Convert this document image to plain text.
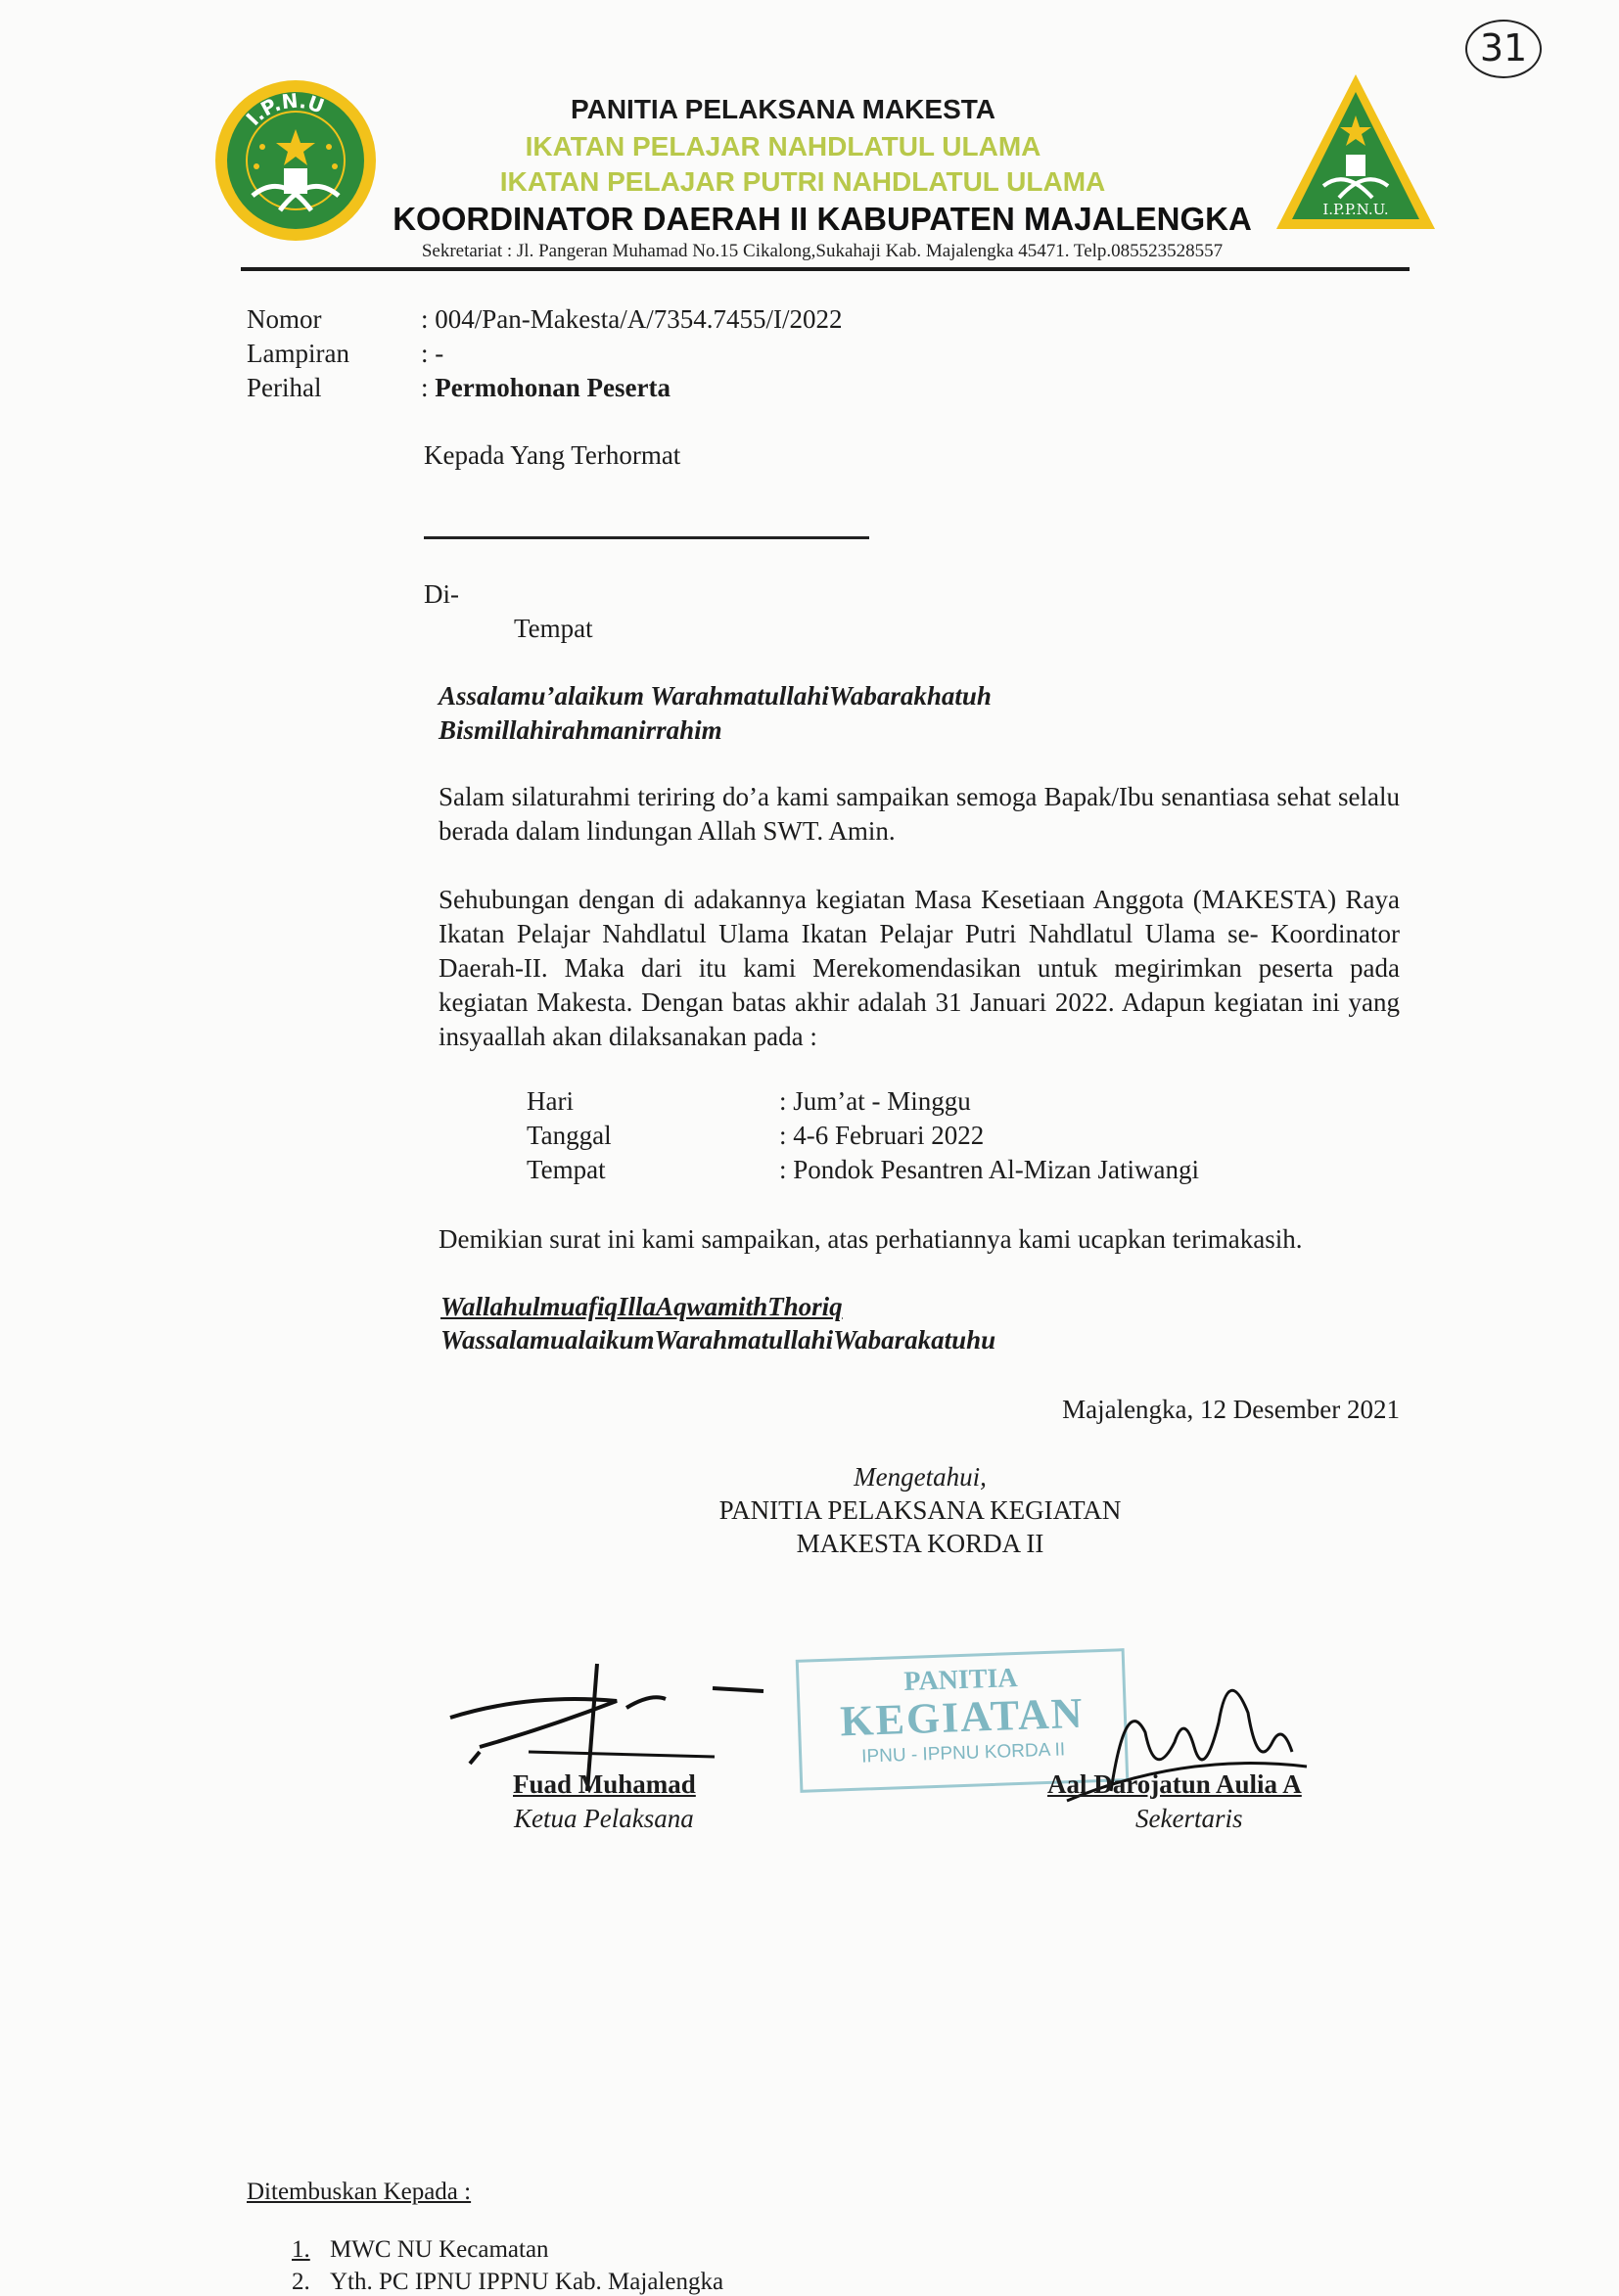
31
I.P.N.U
I.P.P.N.U.
PANITIA PELAKSANA MAKESTA
IKATAN PELAJAR NAHDLATUL ULAMA
IKATAN PELAJAR PUTRI NAHDLATUL ULAMA
KOORDINATOR DAERAH II KABUPATEN MAJALENGKA
Sekretariat : Jl. Pangeran Muhamad No.15 Cikalong,Sukahaji Kab. Majalengka 45471. Telp.085523528557
Nomor	: 004/Pan-Makesta/A/7354.7455/I/2022
Lampiran	: -
Perihal	: Permohonan Peserta
Kepada Yang Terhormat
Di-
Tempat
Assalamu’alaikum WarahmatullahiWabarakhatuh
Bismillahirahmanirrahim
Salam silaturahmi teriring do’a kami sampaikan semoga Bapak/Ibu senantiasa sehat selalu berada dalam lindungan Allah SWT. Amin.
Sehubungan dengan di adakannya kegiatan Masa Kesetiaan Anggota (MAKESTA) Raya Ikatan Pelajar Nahdlatul Ulama Ikatan Pelajar Putri Nahdlatul Ulama se- Koordinator Daerah-II. Maka dari itu kami Merekomendasikan untuk megirimkan peserta pada kegiatan Makesta. Dengan batas akhir adalah 31 Januari 2022. Adapun kegiatan ini yang insyaallah akan dilaksanakan pada :
Hari	: Jum’at - Minggu
Tanggal	: 4-6 Februari 2022
Tempat	: Pondok Pesantren Al-Mizan Jatiwangi
Demikian surat ini kami sampaikan, atas perhatiannya kami ucapkan terimakasih.
WallahulmuafiqIllaAqwamithThoriq
WassalamualaikumWarahmatullahiWabarakatuhu
Majalengka, 12 Desember 2021
Mengetahui,
PANITIA PELAKSANA KEGIATAN
MAKESTA KORDA II
PANITIA
KEGIATAN
IPNU - IPPNU KORDA II
Fuad Muhamad
Ketua Pelaksana
Aal Darojatun Aulia A
Sekertaris
Ditembuskan Kepada :
1. MWC NU Kecamatan
2. Yth. PC IPNU IPPNU Kab. Majalengka
